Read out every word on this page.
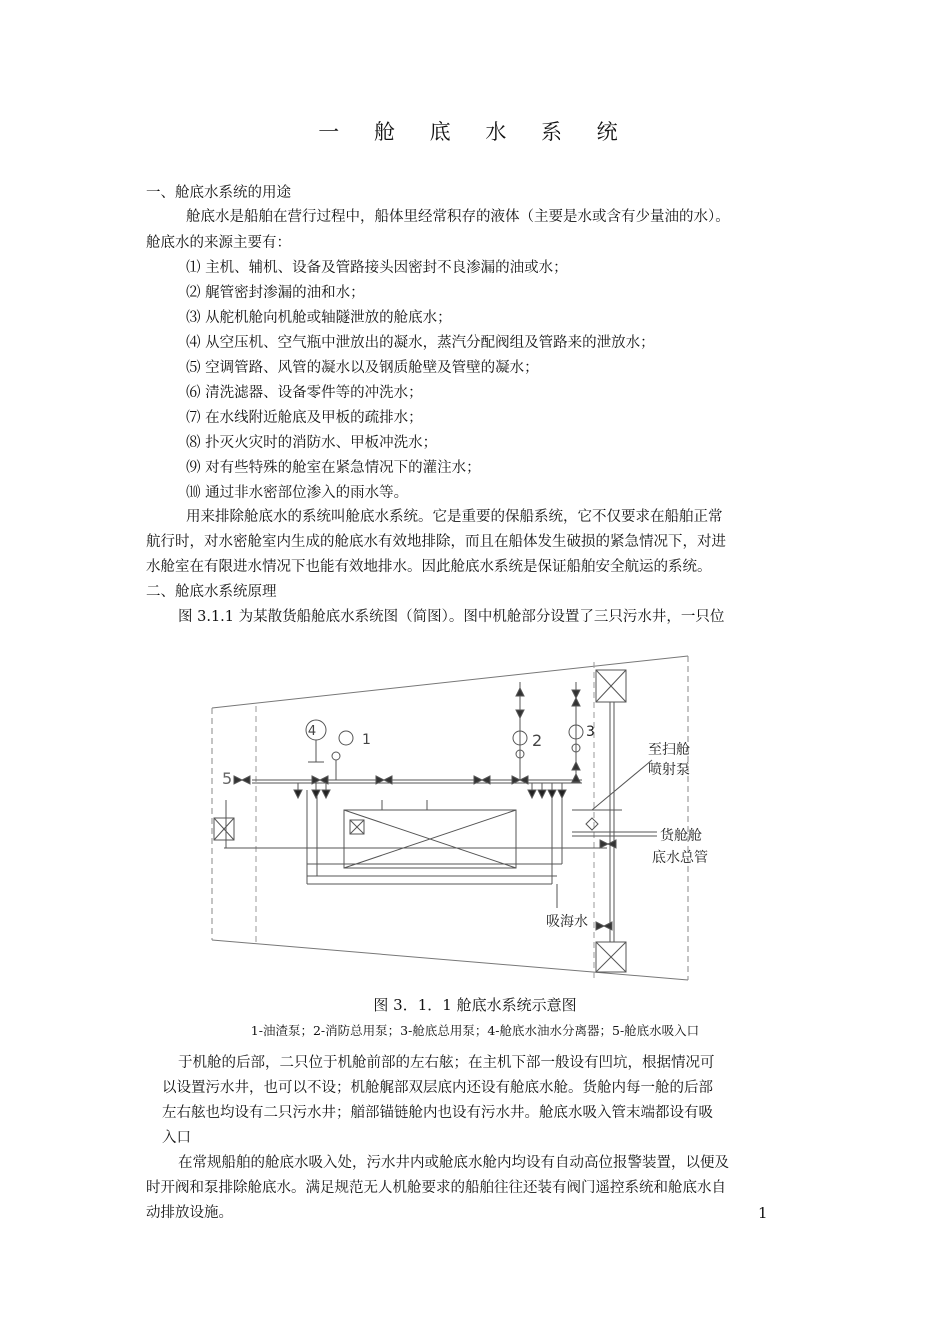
一 舱 底 水 系 统
一、舱底水系统的用途
舱底水是船舶在营行过程中，船体里经常积存的液体（主要是水或含有少量油的水）。
舱底水的来源主要有：
⑴ 主机、辅机、设备及管路接头因密封不良渗漏的油或水；
⑵ 艉管密封渗漏的油和水；
⑶ 从舵机舱向机舱或轴隧泄放的舱底水；
⑷ 从空压机、空气瓶中泄放出的凝水，蒸汽分配阀组及管路来的泄放水；
⑸ 空调管路、风管的凝水以及钢质舱壁及管壁的凝水；
⑹ 清洗滤器、设备零件等的冲洗水；
⑺ 在水线附近舱底及甲板的疏排水；
⑻ 扑灭火灾时的消防水、甲板冲洗水；
⑼ 对有些特殊的舱室在紧急情况下的灌注水；
⑽ 通过非水密部位渗入的雨水等。
用来排除舱底水的系统叫舱底水系统。它是重要的保船系统，它不仅要求在船舶正常
航行时，对水密舱室内生成的舱底水有效地排除，而且在船体发生破损的紧急情况下，对进
水舱室在有限进水情况下也能有效地排水。因此舱底水系统是保证船舶安全航运的系统。
二、舱底水系统原理
图 3.1.1 为某散货船舱底水系统图（简图）。图中机舱部分设置了三只污水井，一只位
4
1	2	3
5
至扫舱
喷射泵
货舱舱
底水总管
吸海水
图 3．1．1 舱底水系统示意图
1-油渣泵；2-消防总用泵；3-舱底总用泵；4-舱底水油水分离器；5-舱底水吸入口
于机舱的后部，二只位于机舱前部的左右舷；在主机下部一般设有凹坑，根据情况可
以设置污水井，也可以不设；机舱艉部双层底内还设有舱底水舱。货舱内每一舱的后部
左右舷也均设有二只污水井；艏部锚链舱内也设有污水井。舱底水吸入管末端都设有吸
入口
在常规船舶的舱底水吸入处，污水井内或舱底水舱内均设有自动高位报警装置，以便及
时开阀和泵排除舱底水。满足规范无人机舱要求的船舶往往还装有阀门遥控系统和舱底水自
动排放设施。	1
